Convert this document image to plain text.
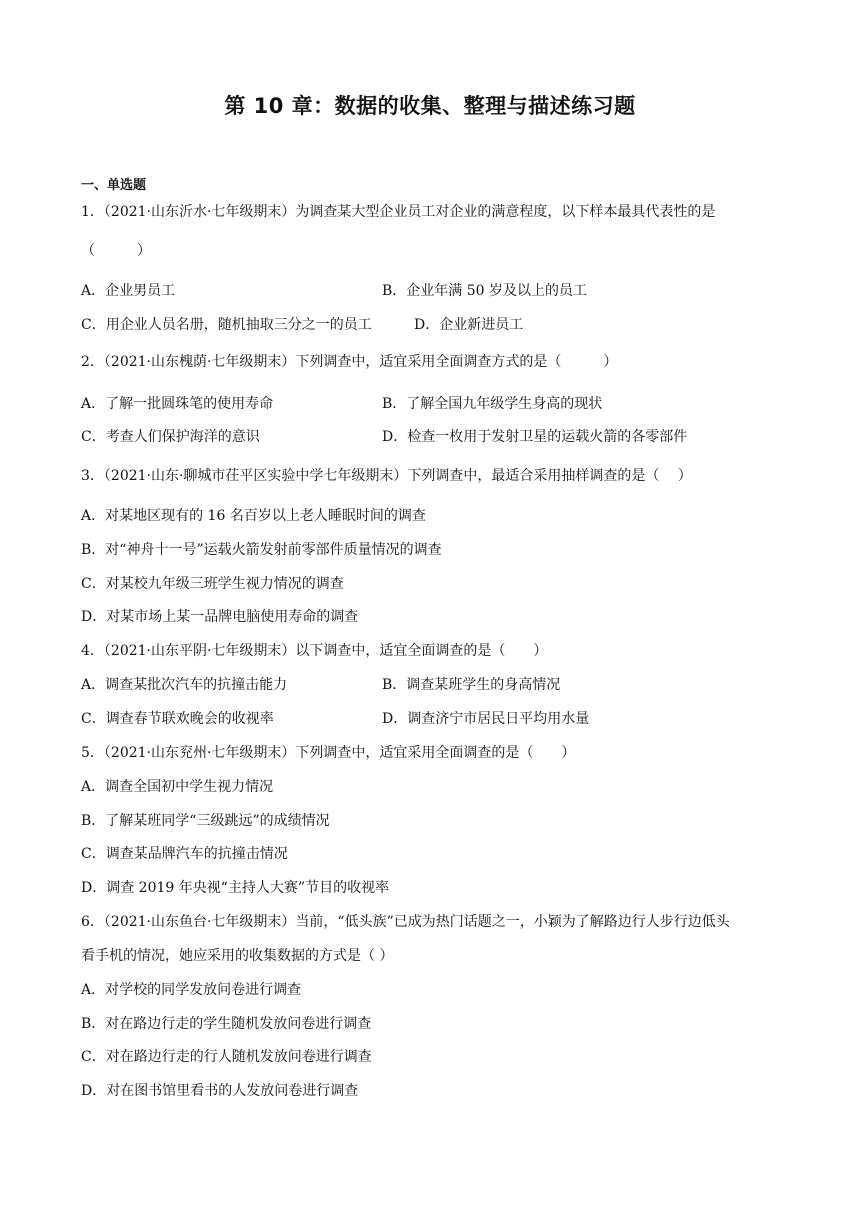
第 10 章：数据的收集、整理与描述练习题
一、单选题
1．（2021·山东沂水·七年级期末）为调查某大型企业员工对企业的满意程度，以下样本最具代表性的是
（　　　）
A．企业男员工	B．企业年满 50 岁及以上的员工
C．用企业人员名册，随机抽取三分之一的员工	D．企业新进员工
2．（2021·山东槐荫·七年级期末）下列调查中，适宜采用全面调查方式的是（　　　）
A．了解一批圆珠笔的使用寿命	B．了解全国九年级学生身高的现状
C．考查人们保护海洋的意识	D．检查一枚用于发射卫星的运载火箭的各零部件
3．（2021·山东·聊城市茌平区实验中学七年级期末）下列调查中，最适合采用抽样调查的是（　 ）
A．对某地区现有的 16 名百岁以上老人睡眠时间的调查
B．对“神舟十一号”运载火箭发射前零部件质量情况的调查
C．对某校九年级三班学生视力情况的调查
D．对某市场上某一品牌电脑使用寿命的调查
4．（2021·山东平阴·七年级期末）以下调查中，适宜全面调查的是（　　）
A．调查某批次汽车的抗撞击能力	B．调查某班学生的身高情况
C．调查春节联欢晚会的收视率	D．调查济宁市居民日平均用水量
5．（2021·山东兖州·七年级期末）下列调查中，适宜采用全面调查的是（　　）
A．调查全国初中学生视力情况
B．了解某班同学“三级跳远”的成绩情况
C．调查某品牌汽车的抗撞击情况
D．调查 2019 年央视“主持人大赛”节目的收视率
6．（2021·山东鱼台·七年级期末）当前，“低头族”已成为热门话题之一，小颖为了解路边行人步行边低头
看手机的情况，她应采用的收集数据的方式是（ ）
A．对学校的同学发放问卷进行调查
B．对在路边行走的学生随机发放问卷进行调查
C．对在路边行走的行人随机发放问卷进行调查
D．对在图书馆里看书的人发放问卷进行调查
